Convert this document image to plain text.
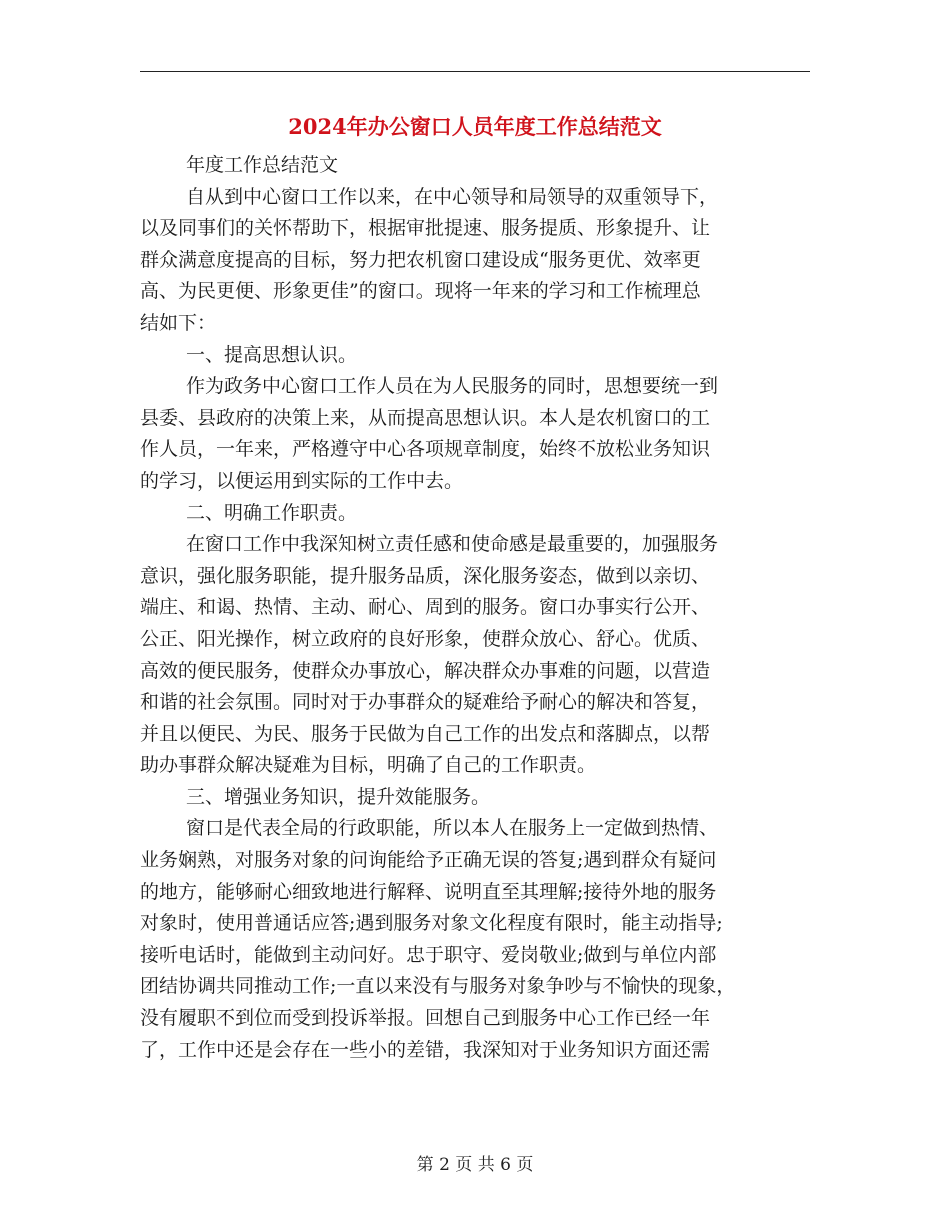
2024年办公窗口人员年度工作总结范文
年度工作总结范文
自从到中心窗口工作以来，在中心领导和局领导的双重领导下，
以及同事们的关怀帮助下，根据审批提速、服务提质、形象提升、让
群众满意度提高的目标，努力把农机窗口建设成“服务更优、效率更
高、为民更便、形象更佳”的窗口。现将一年来的学习和工作梳理总
结如下：
一、提高思想认识。
作为政务中心窗口工作人员在为人民服务的同时，思想要统一到
县委、县政府的决策上来，从而提高思想认识。本人是农机窗口的工
作人员，一年来，严格遵守中心各项规章制度，始终不放松业务知识
的学习，以便运用到实际的工作中去。
二、明确工作职责。
在窗口工作中我深知树立责任感和使命感是最重要的，加强服务
意识，强化服务职能，提升服务品质，深化服务姿态，做到以亲切、
端庄、和谒、热情、主动、耐心、周到的服务。窗口办事实行公开、
公正、阳光操作，树立政府的良好形象，使群众放心、舒心。优质、
高效的便民服务，使群众办事放心，解决群众办事难的问题，以营造
和谐的社会氛围。同时对于办事群众的疑难给予耐心的解决和答复，
并且以便民、为民、服务于民做为自己工作的出发点和落脚点，以帮
助办事群众解决疑难为目标，明确了自己的工作职责。
三、增强业务知识，提升效能服务。
窗口是代表全局的行政职能，所以本人在服务上一定做到热情、
业务娴熟，对服务对象的问询能给予正确无误的答复;遇到群众有疑问
的地方，能够耐心细致地进行解释、说明直至其理解;接待外地的服务
对象时，使用普通话应答;遇到服务对象文化程度有限时，能主动指导;
接听电话时，能做到主动问好。忠于职守、爱岗敬业;做到与单位内部
团结协调共同推动工作;一直以来没有与服务对象争吵与不愉快的现象，
没有履职不到位而受到投诉举报。回想自己到服务中心工作已经一年
了，工作中还是会存在一些小的差错，我深知对于业务知识方面还需
第 2 页 共 6 页
